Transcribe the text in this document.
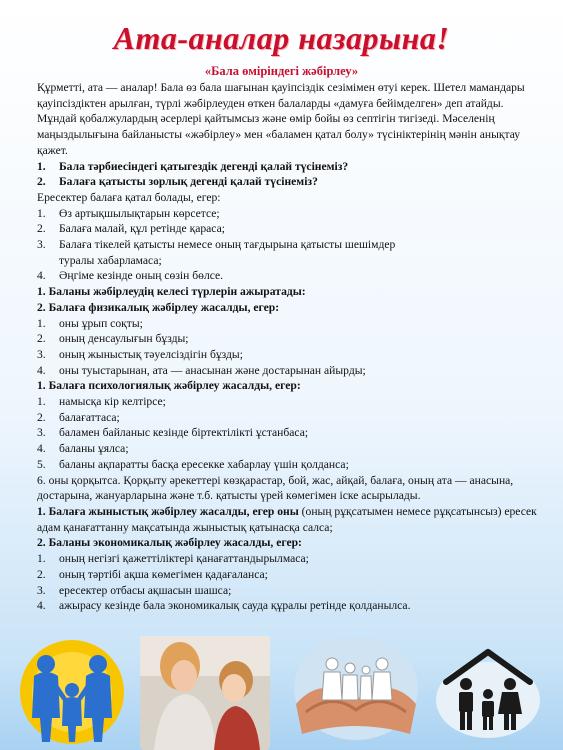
Ата-аналар назарына!
«Бала өміріндегі жәбірлеу»

Құрметті, ата — аналар! Бала өз бала шағынан қауіпсіздік сезімімен өтуі керек. Шетел мамандары қауіпсіздіктен арылған, түрлі жәбірлеуден өткен балаларды «дамуға бейімделген» деп атайды. Мұндай қобалжулардың әсерлері қайтымсыз және өмір бойы өз септігін тигізеді. Мәселенің маңыздылығына байланысты «жәбірлеу» мен «баламен қатал болу» түсініктерінің мәнін анықтау қажет.

1.	Бала тәрбиесіндегі қатыгездік дегенді қалай түсінеміз?
2.	Балаға қатысты зорлық дегенді қалай түсінеміз?

Ересектер балаға қатал болады, егер:

1.	Өз артықшылықтарын көрсетсе;
2.	Балаға малай, құл ретінде қараса;
3.	Балаға тікелей қатысты немесе оның тағдырына қатысты шешімдер
туралы хабарламаса;
4.	Әңгіме кезінде оның сөзін бөлсе.

1. Баланы жәбірлеудің келесі түрлерін ажыратады:

2. Балаға физикалық жәбірлеу жасалды, егер:

1.	оны ұрып соқты;
2.	оның денсаулығын бұзды;
3.	оның жыныстық тәуелсіздігін бұзды;
4.	оны туыстарынан, ата — анасынан және достарынан айырды;

1. Балаға психологиялық жәбірлеу жасалды, егер:

1.	намысқа кір келтірсе;
2.	балағаттаса;
3.	баламен байланыс кезінде біртектілікті ұстанбаса;
4.	баланы ұялса;
5.	баланы ақпаратты басқа ересекке хабарлау үшін қолданса;

6. оны қорқытса. Қорқыту әрекеттері көзқарастар, бой, жас, айқай, балаға, оның ата — анасына, достарына, жануарларына және т.б. қатысты үрей көмегімен іске асырылады.

1. Балаға жыныстық жәбірлеу жасалды, егер оны (оның рұқсатымен немесе рұқсатынсыз) ересек адам қанағаттанну мақсатында жыныстық қатынасқа салса;

2. Баланы экономикалық жәбірлеу жасалды, егер:

1.	оның негізгі қажеттіліктері қанағаттандырылмаса;
2.	оның тәртібі ақша көмегімен қадағаланса;
3.	ересектер отбасы ақшасын шашса;
4.	ажырасу кезінде бала экономикалық сауда құралы ретінде қолданылса.
